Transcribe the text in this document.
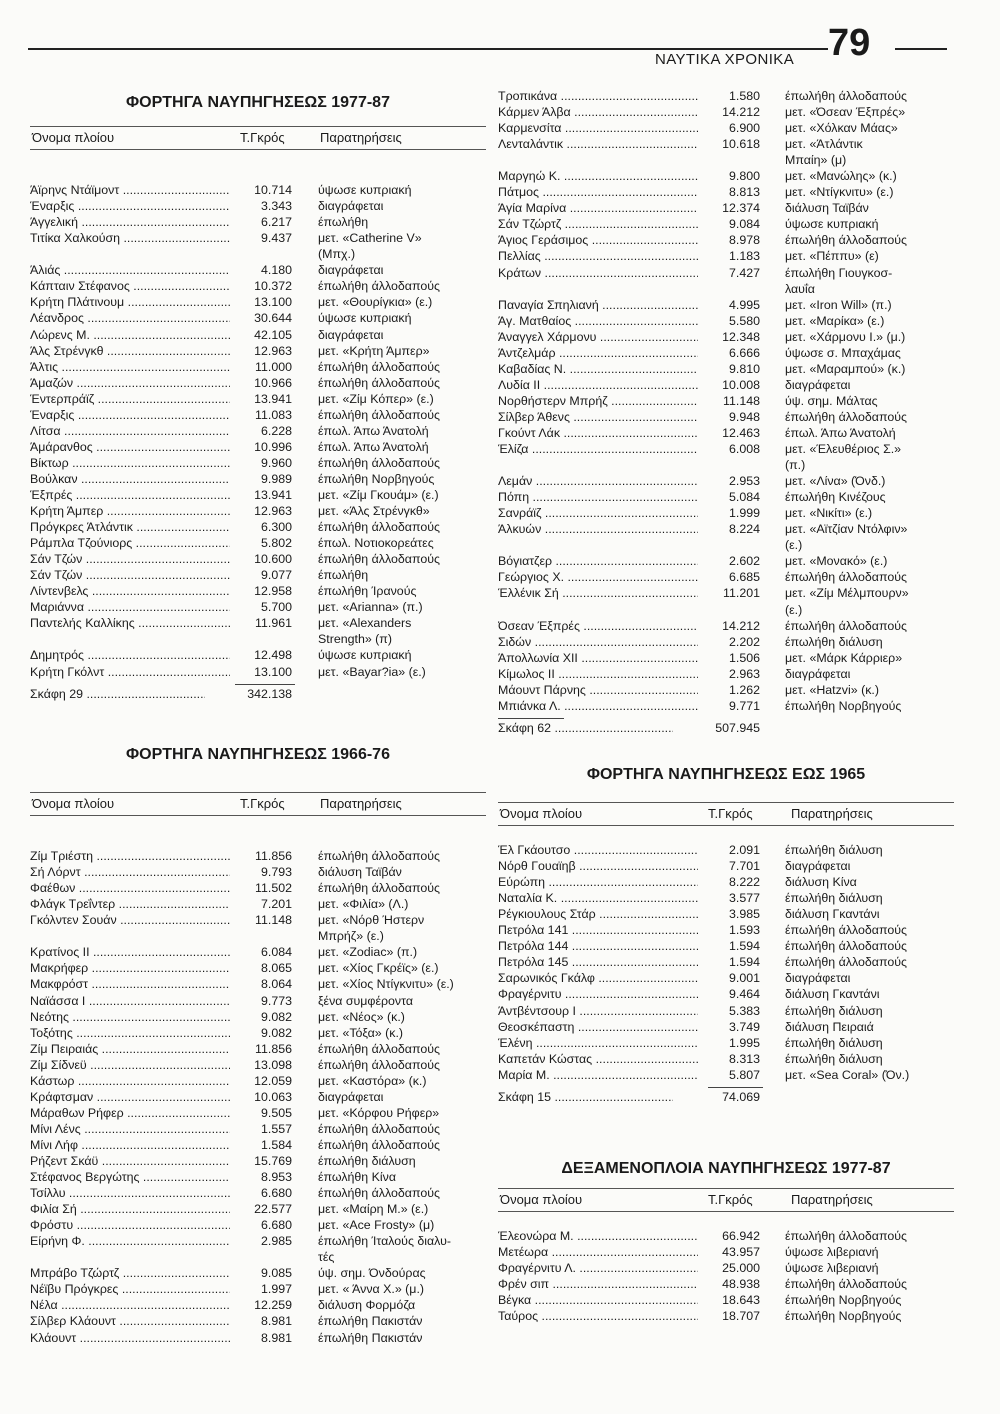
ΝΑΥΤΙΚΑ ΧΡΟΝΙΚΑ 79
ΦΟΡΤΗΓΑ ΝΑΥΠΗΓΗΣΕΩΣ 1977-87
Όνομα πλοίου	Τ.Γκρός	Παρατηρήσεις
Άϊρηνς Ντάϊμοντ .....	10.714 ύψωσε κυπριακή
Έναρξις .....	3.343 διαγράφεται
Άγγελική .....	6.217 έπωλήθη
Τιτίκα Χαλκούση .....	9.437 μετ. «Catherine V»
(Μπχ.)
Άλιάς .....	4.180 διαγράφεται
Κάπταιν Στέφανος .....	10.372 έπωλήθη άλλοδαπούς
Κρήτη Πλάτινουμ .....	13.100 μετ. «Θουρίγκια» (ε.)
Λέανδρος .....	30.644 ύψωσε κυπριακή
Λώρενς Μ. .....	42.105 διαγράφεται
Άλς Στρένγκθ .....	12.963 μετ. «Κρήτη Άμπερ»
Άλτις .....	11.000 έπωλήθη άλλοδαπούς
Άμαζών .....	10.966 έπωλήθη άλλοδαπούς
Έντερπράϊζ .....	13.941 μετ. «Ζίμ Κόπερ» (ε.)
Έναρξις .....	11.083 έπωλήθη άλλοδαπούς
Λίτσα .....	6.228 έπωλ. Άπω Άνατολή
Άμάρανθος .....	10.996 έπωλ. Άπω Άνατολή
Βίκτωρ .....	9.960 έπωλήθη άλλοδαπούς
Βούλκαν .....	9.989 έπωλήθη Νορβηγούς
Έξπρές .....	13.941 μετ. «Ζίμ Γκουάμ» (ε.)
Κρήτη Άμπερ .....	12.963 μετ. «Άλς Στρένγκθ»
Πρόγκρες Άτλάντικ .....	6.300 έπωλήθη άλλοδαπούς
Ράμπλα Τζούνιορς .....	5.802 έπωλ. Νοτιοκορεάτες
Σάν Τζών .....	10.600 έπωλήθη άλλοδαπούς
Σάν Τζών .....	9.077 έπωλήθη
Λίντενβελς .....	12.958 έπωλήθη Ίρανούς
Μαριάννα .....	5.700 μετ. «Arianna» (π.)
Παντελής Καλλίκης .....	11.961 μετ. «Alexanders
Strength» (π)
Δημητρός .....	12.498 ύψωσε κυπριακή
Κρήτη Γκόλντ .....	13.100 μετ. «Bayar?ia» (ε.)
Σκάφη 29 .....	342.138
ΦΟΡΤΗΓΑ ΝΑΥΠΗΓΗΣΕΩΣ 1966-76
Όνομα πλοίου	Τ.Γκρός	Παρατηρήσεις
Ζίμ Τριέστη .....	11.856 έπωλήθη άλλοδαπούς
Σή Λόρντ .....	9.793 διάλυση Ταϊβάν
Φαέθων .....	11.502 έπωλήθη άλλοδαπούς
Φλάγκ Τρεΐντερ .....	7.201 μετ. «Φιλία» (Λ.)
Γκόλντεν Σουάν .....	11.148 μετ. «Νόρθ Ήστερν
Μπρήζ» (ε.)
Κρατίνος ΙΙ .....	6.084 μετ. «Zodiac» (π.)
Μακρήφερ .....	8.065 μετ. «Χίος Γκρέϊς» (ε.)
Μακφρόστ .....	8.064 μετ. «Χίος Ντίγκνιτυ» (ε.)
Ναϊάσσα Ι .....	9.773 ξένα συμφέροντα
Νεότης .....	9.082 μετ. «Νέος» (κ.)
Τοξότης .....	9.082 μετ. «Τόξα» (κ.)
Ζίμ Πειραιάς .....	11.856 έπωλήθη άλλοδαπούς
Ζίμ Σίδνεϋ .....	13.098 έπωλήθη άλλοδαπούς
Κάστωρ .....	12.059 μετ. «Καστόρα» (κ.)
Κράφτσμαν .....	10.063 διαγράφεται
Μάραθων Ρήφερ .....	9.505 μετ. «Κόρφου Ρήφερ»
Μίνι Λένς .....	1.557 έπωλήθη άλλοδαπούς
Μίνι Λήφ .....	1.584 έπωλήθη άλλοδαπούς
Ρήζεντ Σκάϋ .....	15.769 έπωλήθη διάλυση
Στέφανος Βεργώτης .....	8.953 έπωλήθη Κίνα
Τσίλλυ .....	6.680 έπωλήθη άλλοδαπούς
Φιλία Σή .....	22.577 μετ. «Μαίρη Μ.» (ε.)
Φρόστυ .....	6.680 μετ. «Ace Frosty» (μ)
Είρήνη Φ. .....	2.985 έπωλήθη Ίταλούς διαλυ-
τές
Μπράβο Τζώρτζ .....	9.085 ύψ. σημ. Όνδούρας
Νέϊβυ Πρόγκρες .....	1.997 μετ. « Άννα Χ.» (μ.)
Νέλα .....	12.259 διάλυση Φορμόζα
Σίλβερ Κλάουντ .....	8.981 έπωλήθη Πακιστάν
Κλάουντ .....	8.981 έπωλήθη Πακιστάν
Τροπικάνα .....	1.580 έπωλήθη άλλοδαπούς
Κάρμεν Άλβα .....	14.212 μετ. «Όσεαν Έξπρές»
Καρμενσίτα .....	6.900 μετ. «Χόλκαν Μάας»
Λενταλάντικ .....	10.618 μετ. «Άτλάντικ
Μπαίη» (μ)
Μαργηώ Κ. .....	9.800 μετ. «Μανώλης» (κ.)
Πάτμος .....	8.813 μετ. «Ντίγκνιτυ» (ε.)
Άγία Μαρίνα .....	12.374 διάλυση Ταϊβάν
Σάν Τζώρτζ .....	9.084 ύψωσε κυπριακή
Άγιος Γεράσιμος .....	8.978 έπωλήθη άλλοδαπούς
Πελλίας .....	1.183 μετ. «Πέππυ» (ε)
Κράτων .....	7.427 έπωλήθη Γιουγκοσ-
λαυΐα
Παναγία Σπηλιανή .....	4.995 μετ. «Iron Will» (π.)
Άγ. Ματθαίος .....	5.580 μετ. «Μαρίκα» (ε.)
Άναγγελ Χάρμονυ .....	12.348 μετ. «Χάρμονυ Ι.» (μ.)
Άντζελμάρ .....	6.666 ύψωσε σ. Μπαχάμας
Καβαδίας Ν. .....	9.810 μετ. «Μαραμπού» (κ.)
Λυδία ΙΙ .....	10.008 διαγράφεται
Νορθήστερν Μπρήζ .....	11.148 ύψ. σημ. Μάλτας
Σίλβερ Άθενς .....	9.948 έπωλήθη άλλοδαπούς
Γκούντ Λάκ .....	12.463 έπωλ. Άπω Άνατολή
Έλίζα .....	6.008 μετ. «Έλευθέριος Σ.»
(π.)
Λεμάν .....	2.953 μετ. «Λίνα» (Όνδ.)
Πόπη .....	5.084 έπωλήθη Κινέζους
Σανράϊζ .....	1.999 μετ. «Νικίτι» (ε.)
Άλκυών .....	8.224 μετ. «Αϊτζίαν Ντόλφιν»
(ε.)
Βόγιατζερ .....	2.602 μετ. «Μονακό» (ε.)
Γεώργιος Χ. .....	6.685 έπωλήθη άλλοδαπούς
Έλλένικ Σή .....	11.201 μετ. «Ζίμ Μέλμπουρν»
(ε.)
Όσεαν Έξπρές .....	14.212 έπωλήθη άλλοδαπούς
Σιδών .....	2.202 έπωλήθη διάλυση
Άπολλωνία ΧΙΙ .....	1.506 μετ. «Μάρκ Κάρριερ»
Κίμωλος ΙΙ .....	2.963 διαγράφεται
Μάουντ Πάρνης .....	1.262 μετ. «Hatzvi» (κ.)
Μπιάνκα Λ. .....	9.771 έπωλήθη Νορβηγούς
Σκάφη 62 .....	507.945
ΦΟΡΤΗΓΑ ΝΑΥΠΗΓΗΣΕΩΣ ΕΩΣ 1965
Όνομα πλοίου	Τ.Γκρός	Παρατηρήσεις
Έλ Γκάουτσο .....	2.091 έπωλήθη διάλυση
Νόρθ Γουαϊηβ .....	7.701 διαγράφεται
Εύρώπη .....	8.222 διάλυση Κίνα
Ναταλία Κ. .....	3.577 έπωλήθη διάλυση
Ρέγκιουλους Στάρ .....	3.985 διάλυση Γκαντάνι
Πετρόλα 141 .....	1.593 έπωλήθη άλλοδαπούς
Πετρόλα 144 .....	1.594 έπωλήθη άλλοδαπούς
Πετρόλα 145 .....	1.594 έπωλήθη άλλοδαπούς
Σαρωνικός Γκάλφ .....	9.001 διαγράφεται
Φραγέρνιτυ .....	9.464 διάλυση Γκαντάνι
Άντβέντσουρ Ι .....	5.383 έπωλήθη διάλυση
Θεοσκέπαστη .....	3.749 διάλυση Πειραιά
Έλένη .....	1.995 έπωλήθη διάλυση
Καπετάν Κώστας .....	8.313 έπωλήθη διάλυση
Μαρία Μ. .....	5.807 μετ. «Sea Coral» (Όν.)
Σκάφη 15 .....	74.069
ΔΕΞΑΜΕΝΟΠΛΟΙΑ ΝΑΥΠΗΓΗΣΕΩΣ 1977-87
Όνομα πλοίου	Τ.Γκρός	Παρατηρήσεις
Έλεονώρα Μ. .....	66.942 έπωλήθη άλλοδαπούς
Μετέωρα .....	43.957 ύψωσε λιβεριανή
Φραγέρνιτυ Λ. .....	25.000 ύψωσε λιβεριανή
Φρέν σιπ .....	48.938 έπωλήθη άλλοδαπούς
Βέγκα .....	18.643 έπωλήθη Νορβηγούς
Ταύρος .....	18.707 έπωλήθη Νορβηγούς
